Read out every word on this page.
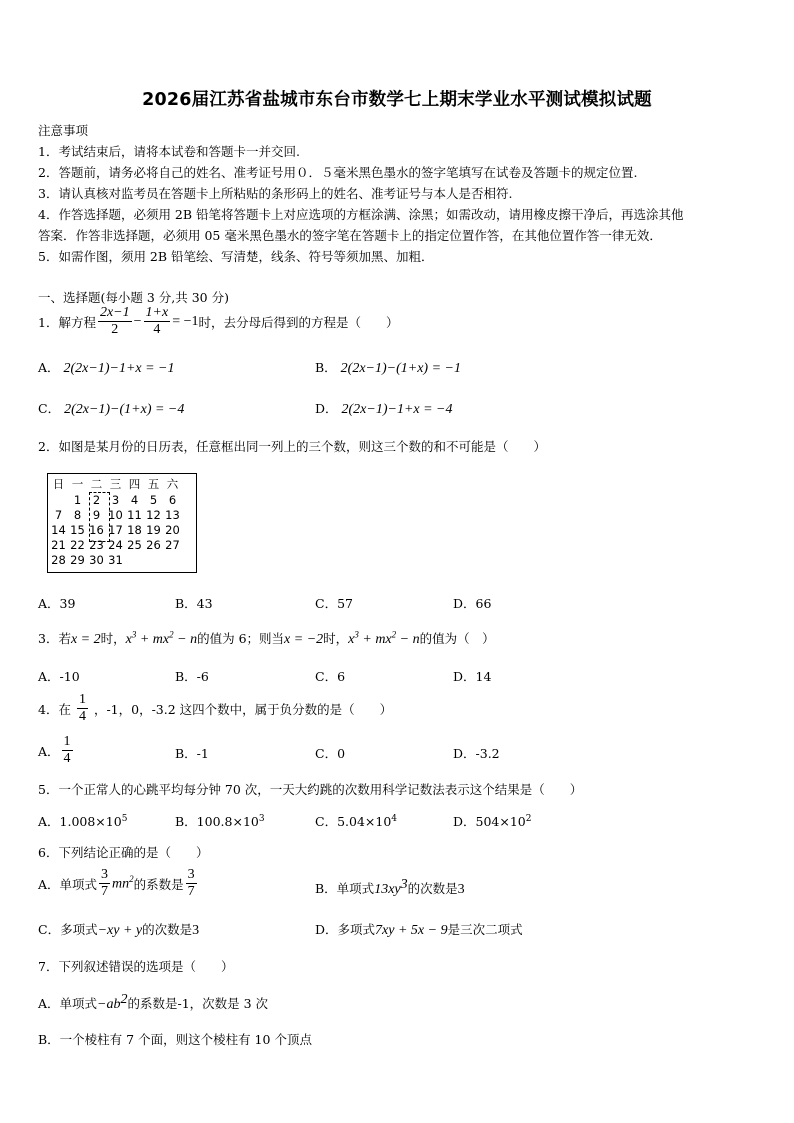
2026届江苏省盐城市东台市数学七上期末学业水平测试模拟试题
注意事项
1．考试结束后，请将本试卷和答题卡一并交回.
2．答题前，请务必将自己的姓名、准考证号用０．５毫米黑色墨水的签字笔填写在试卷及答题卡的规定位置.
3．请认真核对监考员在答题卡上所粘贴的条形码上的姓名、准考证号与本人是否相符.
4．作答选择题，必须用 2B 铅笔将答题卡上对应选项的方框涂满、涂黑；如需改动，请用橡皮擦干净后，再选涂其他
答案．作答非选择题，必须用 05 毫米黑色墨水的签字笔在答题卡上的指定位置作答，在其他位置作答一律无效．
5．如需作图，须用 2B 铅笔绘、写清楚，线条、符号等须加黑、加粗．
一、选择题(每小题 3 分,共 30 分)
1．解方程 $\frac{2x-1}{2} - \frac{1+x}{4} = -1$ 时，去分母后得到的方程是（　　）
A． 2(2x−1)−1+x = −1	B． 2(2x−1)−(1+x) = −1
C． 2(2x−1)−(1+x) = −4	D． 2(2x−1)−1+x = −4
2．如图是某月份的日历表，任意框出同一列上的三个数，则这三个数的和不可能是（　　）
日	一	二	三	四	五	六
	1	2	3	4	5	6
7	8	9	10	11	12	13
14	15	16	17	18	19	20
21	22	23	24	25	26	27
28	29	30	31			
A．39	B．43	C．57	D．66
3．若x = 2时，$x^3 + mx^2 - n$的值为 6；则当x = −2时，$x^3 + mx^2 - n$的值为（　）
A．-10	B．-6	C．6	D．14
4．在 $\frac{1}{4}$ ，-1，0，-3.2 这四个数中，属于负分数的是（　　）
A． $\frac{1}{4}$	B．-1	C．0	D．-3.2
5．一个正常人的心跳平均每分钟 70 次，一天大约跳的次数用科学记数法表示这个结果是（　　）
A．$1.008\times 10^5$	B．$100.8\times 10^3$	C．$5.04\times 10^4$	D．$504\times 10^2$
6．下列结论正确的是（　　）
A．单项式 $\frac{3}{7} mn^2$ 的系数是 $\frac{3}{7}$	B．单项式$13xy^3$的次数是3
C．多项式−xy + y的次数是3	D．多项式7xy + 5x − 9是三次二项式
7．下列叙述错误的选项是（　　）
A．单项式$-ab^2$的系数是-1，次数是 3 次
B．一个棱柱有 7 个面，则这个棱柱有 10 个顶点
